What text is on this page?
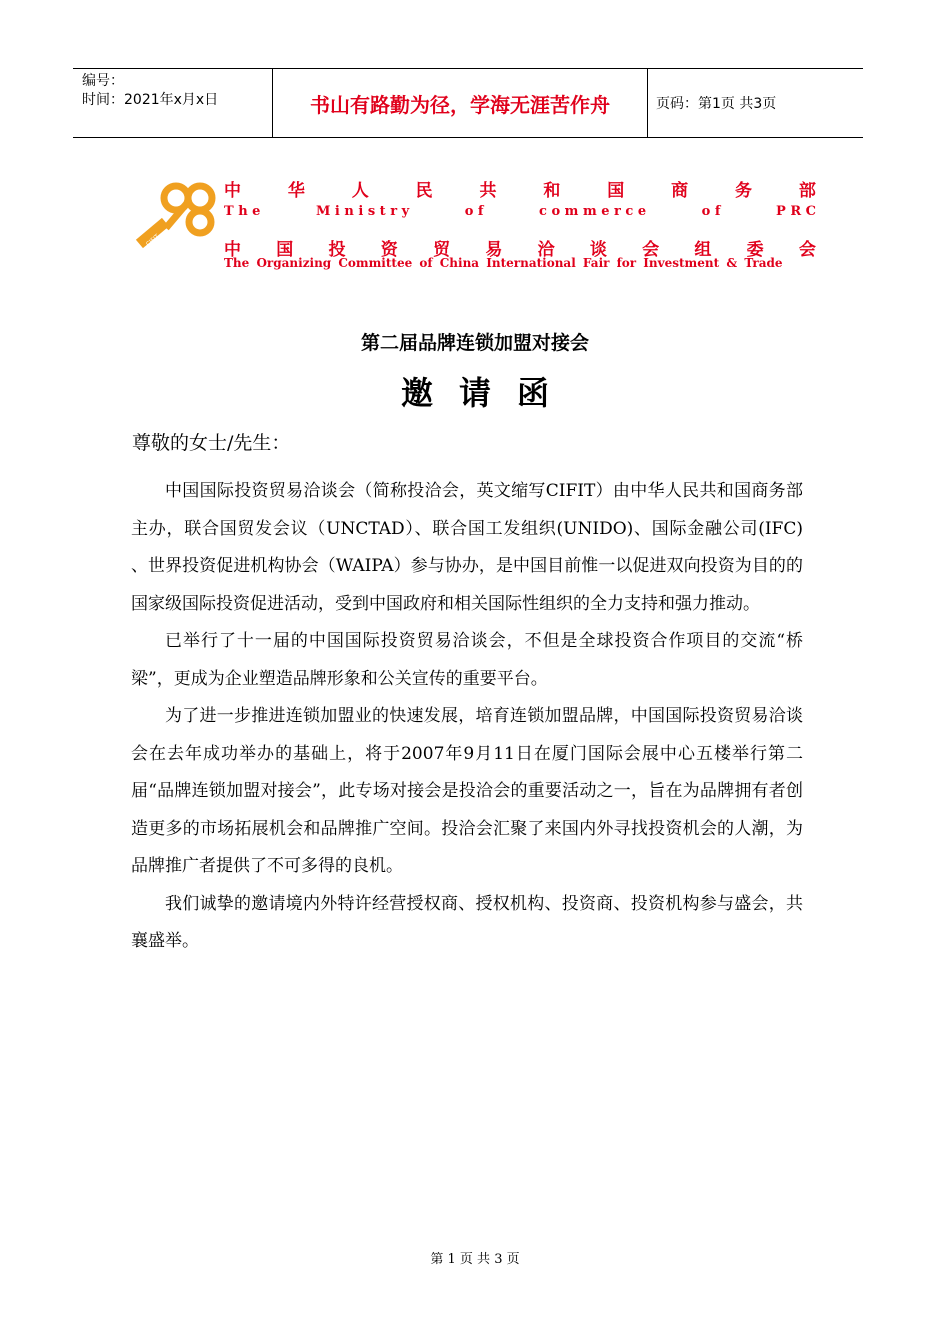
编号：
时间：2021年x月x日	书山有路勤为径，学海无涯苦作舟	页码：第1页 共3页
CIFIT
中	华	人	民	共	和	国	商	务	部
T h e	M i n i s t r y	o f	c o m m e r c e	o f	P R C
中 国 投 资 贸 易 洽 谈 会 组 委 会
The Organizing Committee of China International Fair for Investment & Trade
第二届品牌连锁加盟对接会
邀请函
尊敬的女士/先生：

中国国际投资贸易洽谈会（简称投洽会，英文缩写CIFIT）由中华人民共和国商务部主办，联合国贸发会议（UNCTAD）、联合国工发组织(UNIDO)、国际金融公司(IFC) 、世界投资促进机构协会（WAIPA）参与协办，是中国目前惟一以促进双向投资为目的的国家级国际投资促进活动，受到中国政府和相关国际性组织的全力支持和强力推动。

已举行了十一届的中国国际投资贸易洽谈会，不但是全球投资合作项目的交流“桥梁”，更成为企业塑造品牌形象和公关宣传的重要平台。

为了进一步推进连锁加盟业的快速发展，培育连锁加盟品牌，中国国际投资贸易洽谈会在去年成功举办的基础上，将于2007年9月11日在厦门国际会展中心五楼举行第二届“品牌连锁加盟对接会”，此专场对接会是投洽会的重要活动之一，旨在为品牌拥有者创造更多的市场拓展机会和品牌推广空间。投洽会汇聚了来国内外寻找投资机会的人潮，为品牌推广者提供了不可多得的良机。

我们诚挚的邀请境内外特许经营授权商、授权机构、投资商、投资机构参与盛会，共襄盛举。

第 1 页 共 3 页
